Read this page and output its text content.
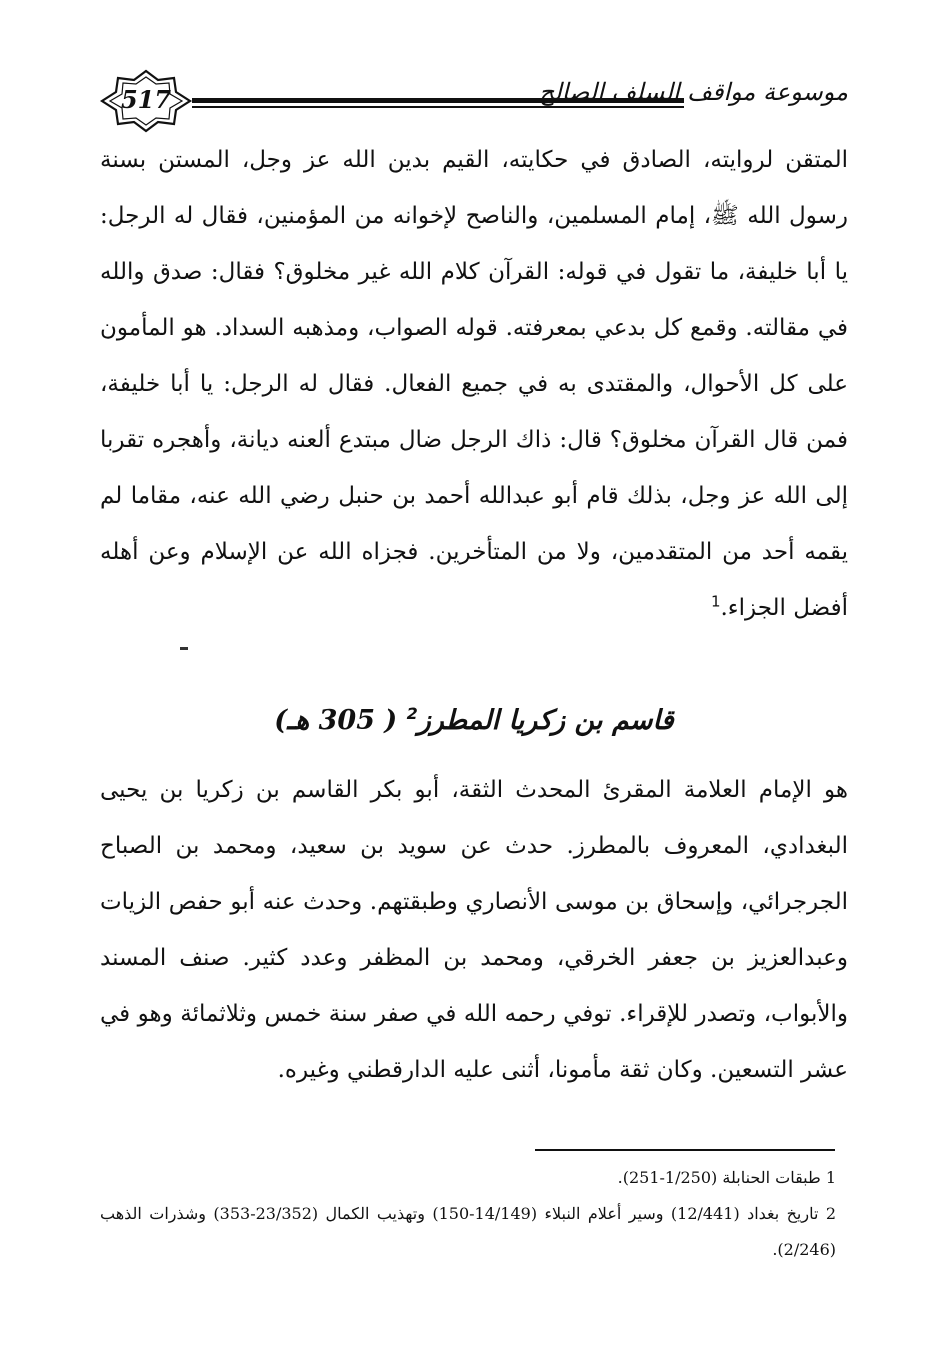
517	موسوعة مواقف السلف الصالح

المتقن لروايته، الصادق في حكايته، القيم بدين الله عز وجل، المستن بسنة رسول الله ﷺ، إمام المسلمين، والناصح لإخوانه من المؤمنين، فقال له الرجل: يا أبا خليفة، ما تقول في قوله: القرآن كلام الله غير مخلوق؟ فقال: صدق والله في مقالته. وقمع كل بدعي بمعرفته. قوله الصواب، ومذهبه السداد. هو المأمون على كل الأحوال، والمقتدى به في جميع الفعال. فقال له الرجل: يا أبا خليفة، فمن قال القرآن مخلوق؟ قال: ذاك الرجل ضال مبتدع ألعنه ديانة، وأهجره تقربا إلى الله عز وجل، بذلك قام أبو عبدالله أحمد بن حنبل رضي الله عنه، مقاما لم يقمه أحد من المتقدمين، ولا من المتأخرين. فجزاه الله عن الإسلام وعن أهله أفضل الجزاء.$^1$

قاسم بن زكريا المطرز$^2$ ( 305 هـ)

هو الإمام العلامة المقرئ المحدث الثقة، أبو بكر القاسم بن زكريا بن يحيى البغدادي، المعروف بالمطرز. حدث عن سويد بن سعيد، ومحمد بن الصباح الجرجرائي، وإسحاق بن موسى الأنصاري وطبقتهم. وحدث عنه أبو حفص الزيات وعبدالعزيز بن جعفر الخرقي، ومحمد بن المظفر وعدد كثير. صنف المسند والأبواب، وتصدر للإقراء. توفي رحمه الله في صفر سنة خمس وثلاثمائة وهو في عشر التسعين. وكان ثقة مأمونا، أثنى عليه الدارقطني وغيره.

1 طبقات الحنابلة (1/250-251).

2 تاريخ بغداد (12/441) وسير أعلام النبلاء (14/149-150) وتهذيب الكمال (23/352-353) وشذرات الذهب (2/246).
